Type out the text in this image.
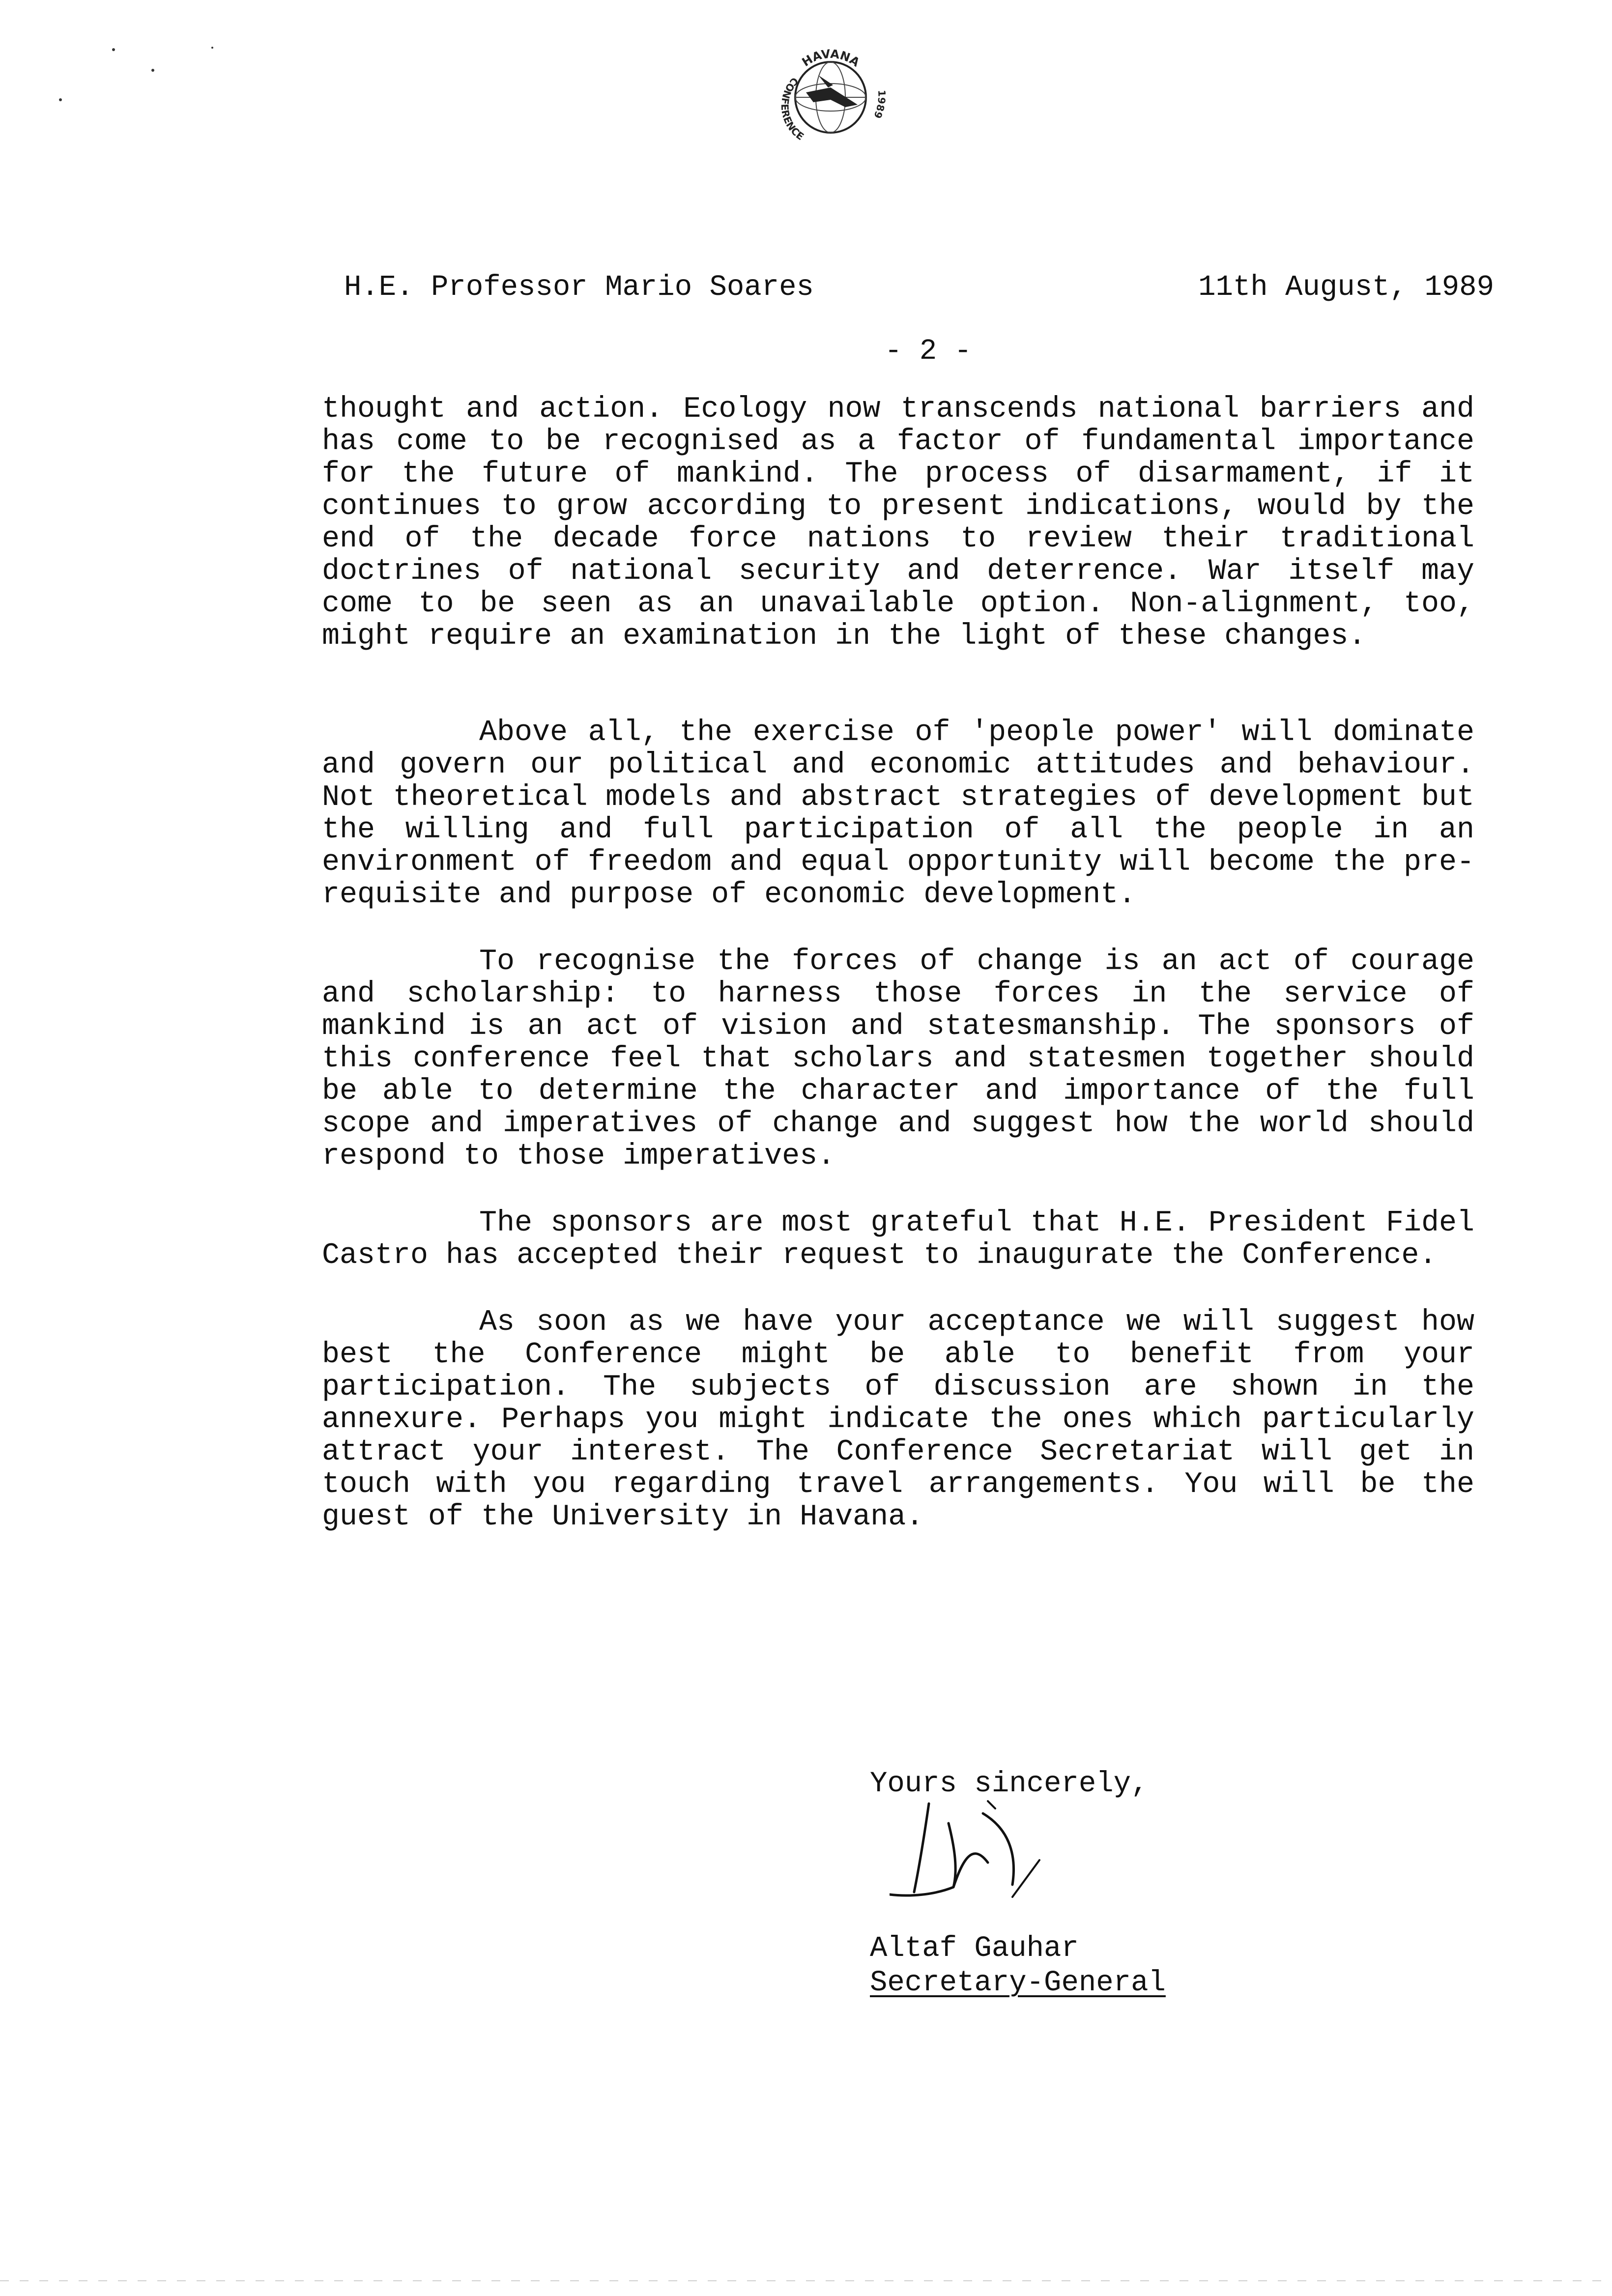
HAVANA
CONFERENCE
1989
H.E. Professor Mario Soares	11th August, 1989
- 2 -

thought and action. Ecology now transcends national barriers and has come to be recognised as a factor of fundamental importance for the future of mankind. The process of disarmament, if it continues to grow according to present indications, would by the end of the decade force nations to review their traditional doctrines of national security and deterrence. War itself may come to be seen as an unavailable option. Non-alignment, too, might require an examination in the light of these changes.

Above all, the exercise of 'people power' will dominate and govern our political and economic attitudes and behaviour. Not theoretical models and abstract strategies of development but the willing and full participation of all the people in an environment of freedom and equal opportunity will become the pre-requisite and purpose of economic development.

To recognise the forces of change is an act of courage and scholarship: to harness those forces in the service of mankind is an act of vision and statesmanship. The sponsors of this conference feel that scholars and statesmen together should be able to determine the character and importance of the full scope and imperatives of change and suggest how the world should respond to those imperatives.

The sponsors are most grateful that H.E. President Fidel Castro has accepted their request to inaugurate the Conference.

As soon as we have your acceptance we will suggest how best the Conference might be able to benefit from your participation. The subjects of discussion are shown in the annexure. Perhaps you might indicate the ones which particularly attract your interest. The Conference Secretariat will get in touch with you regarding travel arrangements. You will be the guest of the University in Havana.

Yours sincerely,
Altaf Gauhar
Secretary-General
